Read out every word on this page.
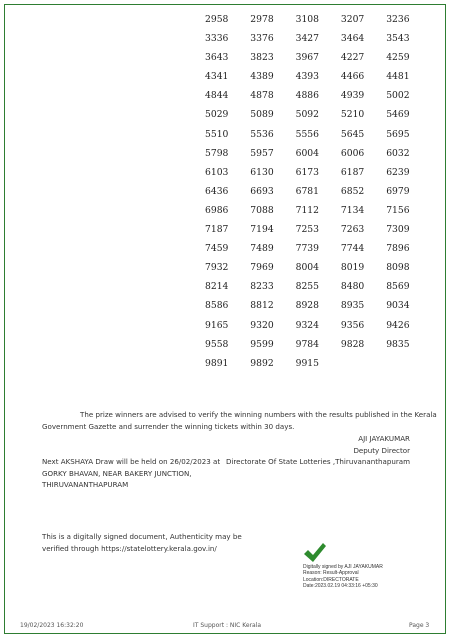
2958	2978	3108	3207	3236
3336	3376	3427	3464	3543
3643	3823	3967	4227	4259
4341	4389	4393	4466	4481
4844	4878	4886	4939	5002
5029	5089	5092	5210	5469
5510	5536	5556	5645	5695
5798	5957	6004	6006	6032
6103	6130	6173	6187	6239
6436	6693	6781	6852	6979
6986	7088	7112	7134	7156
7187	7194	7253	7263	7309
7459	7489	7739	7744	7896
7932	7969	8004	8019	8098
8214	8233	8255	8480	8569
8586	8812	8928	8935	9034
9165	9320	9324	9356	9426
9558	9599	9784	9828	9835
9891	9892	9915
The prize winners are advised to verify the winning numbers with the results published in the Kerala
Government Gazette and surrender the winning tickets within 30 days.
AJI JAYAKUMAR
Deputy Director
Directorate Of State Lotteries ,Thiruvananthapuram
Next AKSHAYA Draw will be held on 26/02/2023 at
GORKY BHAVAN, NEAR BAKERY JUNCTION,
THIRUVANANTHAPURAM
This is a digitally signed document, Authenticity may be
verified through https://statelottery.kerala.gov.in/
Digitally signed by AJI JAYAKUMAR
Reason: Result-Approval
Location:DIRECTORATE
Date:2023.02.19 04:33:16 +05:30
19/02/2023 16:32:20	IT Support : NIC Kerala	Page 3
